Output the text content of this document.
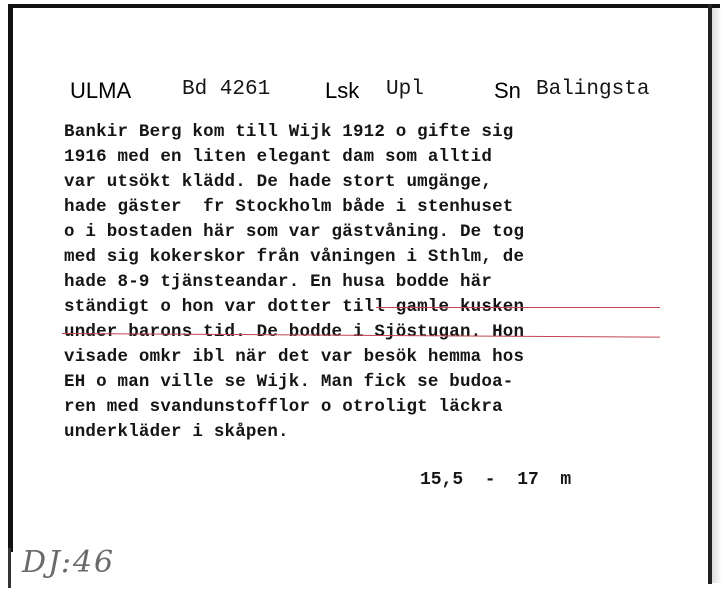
ULMA Bd 4261 Lsk Upl	Sn Balingsta
Bankir Berg kom till Wijk 1912 o gifte sig
1916 med en liten elegant dam som alltid
var utsökt klädd. De hade stort umgänge,
hade gäster  fr Stockholm både i stenhuset
o i bostaden här som var gästvåning. De tog
med sig kokerskor från våningen i Sthlm, de
hade 8-9 tjänsteandar. En husa bodde här
ständigt o hon var dotter till gamle kusken
under barons tid. De bodde i Sjöstugan. Hon
visade omkr ibl när det var besök hemma hos
EH o man ville se Wijk. Man fick se budoa-
ren med svandunstofflor o otroligt läckra
underkläder i skåpen.
15,5  -  17  m
DJ:46
